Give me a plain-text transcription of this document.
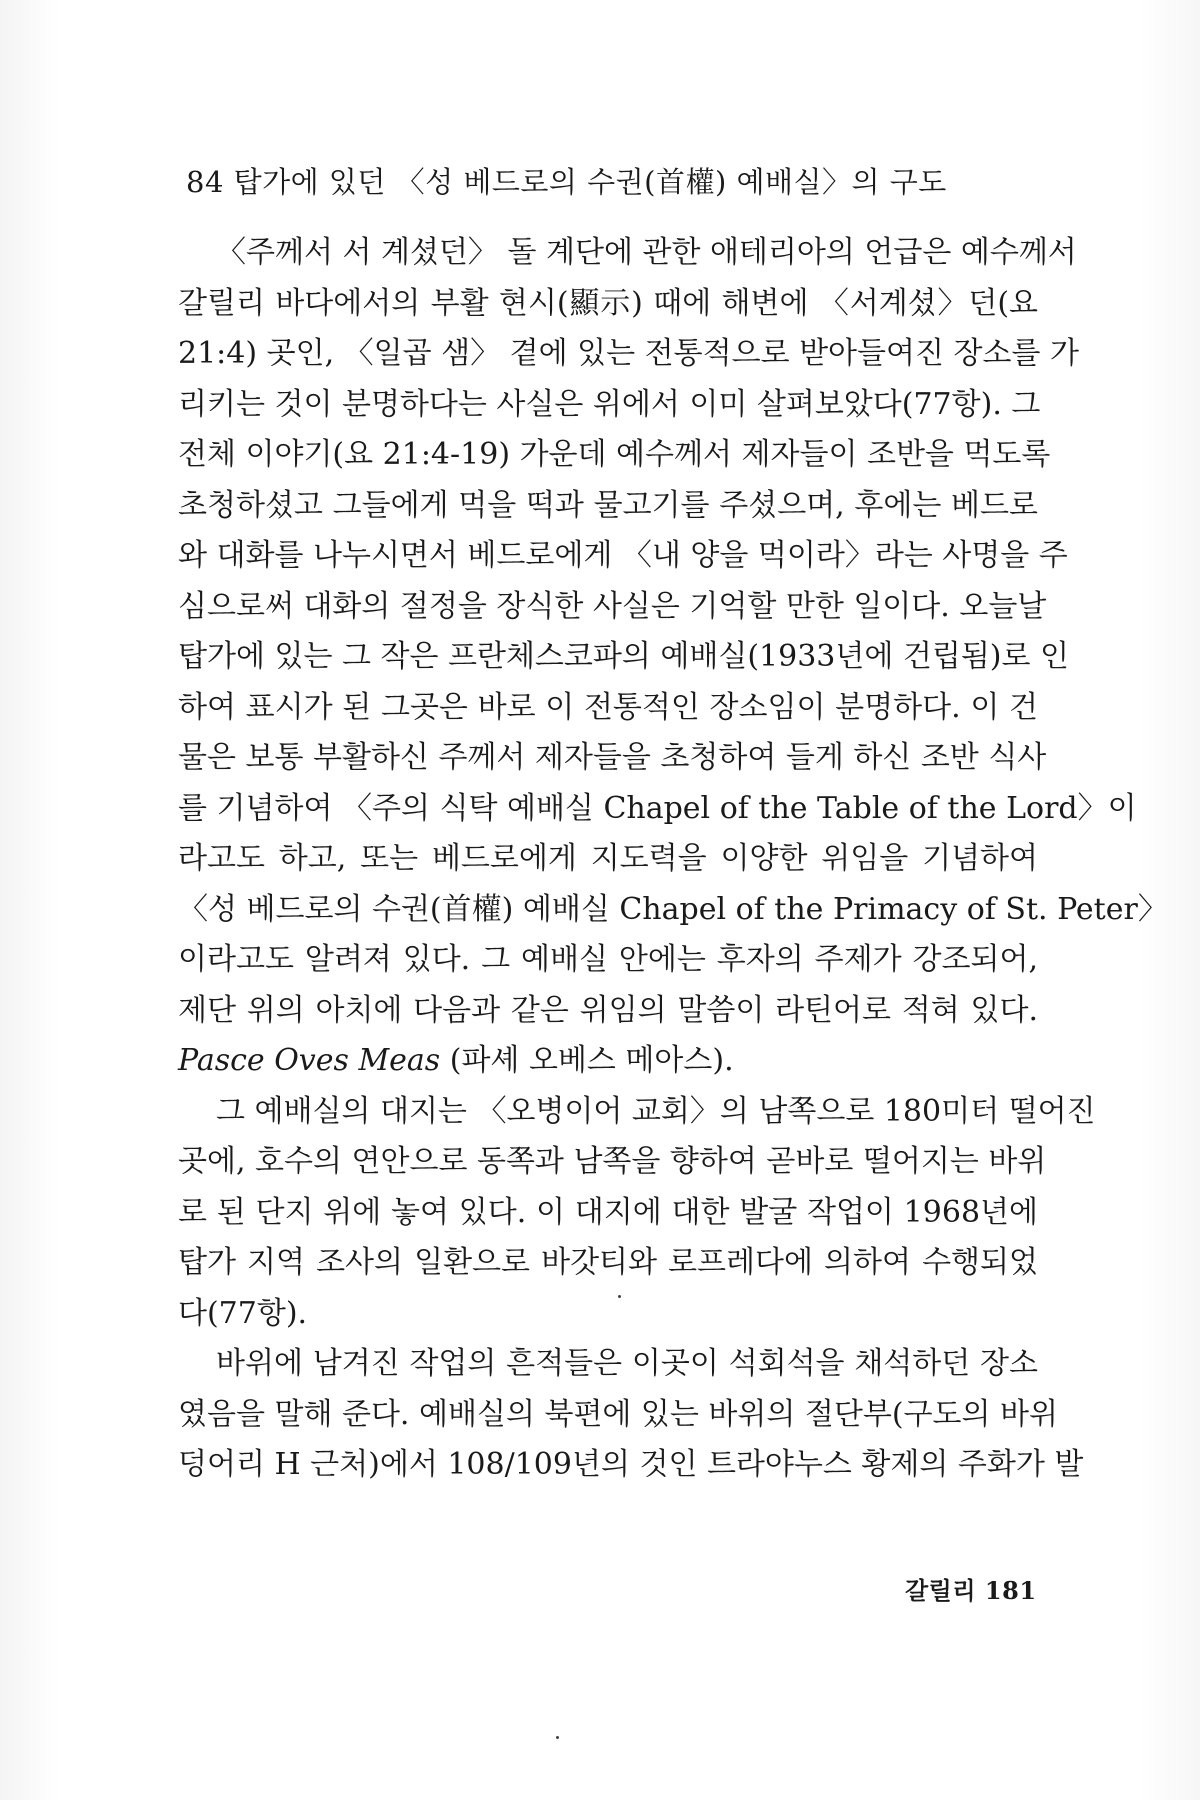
84 탑가에 있던 〈성 베드로의 수권(首權) 예배실〉의 구도
〈주께서 서 계셨던〉 돌 계단에 관한 애테리아의 언급은 예수께서
갈릴리 바다에서의 부활 현시(顯示) 때에 해변에 〈서계셨〉던(요
21:4) 곳인, 〈일곱 샘〉 곁에 있는 전통적으로 받아들여진 장소를 가
리키는 것이 분명하다는 사실은 위에서 이미 살펴보았다(77항). 그
전체 이야기(요 21:4-19) 가운데 예수께서 제자들이 조반을 먹도록
초청하셨고 그들에게 먹을 떡과 물고기를 주셨으며, 후에는 베드로
와 대화를 나누시면서 베드로에게 〈내 양을 먹이라〉라는 사명을 주
심으로써 대화의 절정을 장식한 사실은 기억할 만한 일이다. 오늘날
탑가에 있는 그 작은 프란체스코파의 예배실(1933년에 건립됨)로 인
하여 표시가 된 그곳은 바로 이 전통적인 장소임이 분명하다. 이 건
물은 보통 부활하신 주께서 제자들을 초청하여 들게 하신 조반 식사
를 기념하여 〈주의 식탁 예배실 Chapel of the Table of the Lord〉이
라고도 하고, 또는 베드로에게 지도력을 이양한 위임을 기념하여
〈성 베드로의 수권(首權) 예배실 Chapel of the Primacy of St. Peter〉
이라고도 알려져 있다. 그 예배실 안에는 후자의 주제가 강조되어,
제단 위의 아치에 다음과 같은 위임의 말씀이 라틴어로 적혀 있다.
Pasce Oves Meas (파셰 오베스 메아스).
그 예배실의 대지는 〈오병이어 교회〉의 남쪽으로 180미터 떨어진
곳에, 호수의 연안으로 동쪽과 남쪽을 향하여 곧바로 떨어지는 바위
로 된 단지 위에 놓여 있다. 이 대지에 대한 발굴 작업이 1968년에
탑가 지역 조사의 일환으로 바갓티와 로프레다에 의하여 수행되었
다(77항).
바위에 남겨진 작업의 흔적들은 이곳이 석회석을 채석하던 장소
였음을 말해 준다. 예배실의 북편에 있는 바위의 절단부(구도의 바위
덩어리 H 근처)에서 108/109년의 것인 트라야누스 황제의 주화가 발
갈릴리 181
